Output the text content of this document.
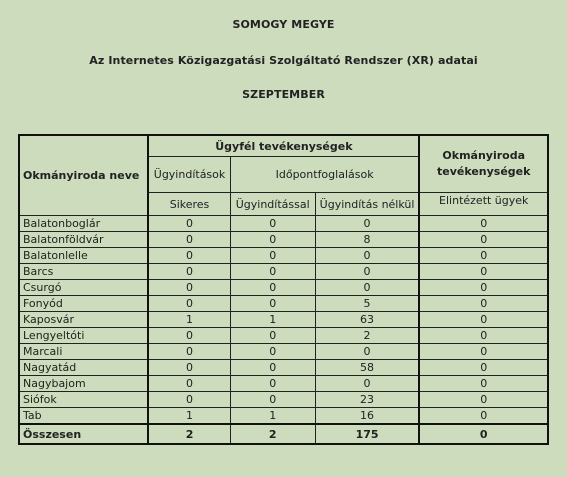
SOMOGY MEGYE
Az Internetes Közigazgatási Szolgáltató Rendszer (XR) adatai
SZEPTEMBER
Okmányiroda neve	Ügyfél tevékenységek			Okmányiroda tevékenységek
	Ügyindítások	Időpontfoglalások		
	Sikeres	Ügyindítással	Ügyindítás nélkül	Elintézett ügyek
Balatonboglár	0	0	0	0
Balatonföldvár	0	0	8	0
Balatonlelle	0	0	0	0
Barcs	0	0	0	0
Csurgó	0	0	0	0
Fonyód	0	0	5	0
Kaposvár	1	1	63	0
Lengyeltóti	0	0	2	0
Marcali	0	0	0	0
Nagyatád	0	0	58	0
Nagybajom	0	0	0	0
Siófok	0	0	23	0
Tab	1	1	16	0
Összesen	2	2	175	0
